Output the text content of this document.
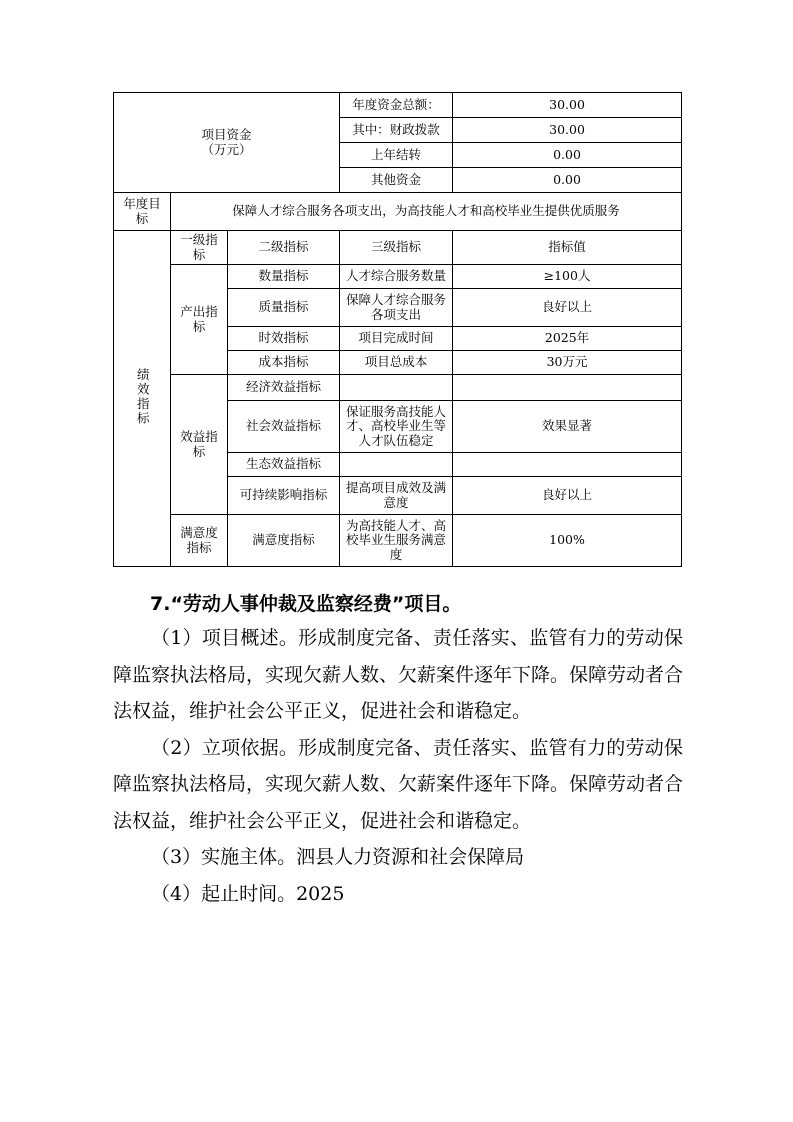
项目资金
（万元）			年度资金总额：	30.00
			其中：财政拨款	30.00
			上年结转	0.00
			其他资金	0.00
年度目标	保障人才综合服务各项支出，为高技能人才和高校毕业生提供优质服务			
绩效指标	一级指标	二级指标	三级指标	指标值
	产出指标	数量指标	人才综合服务数量	≥100人
		质量指标	保障人才综合服务各项支出	良好以上
		时效指标	项目完成时间	2025年
		成本指标	项目总成本	30万元
	效益指标	经济效益指标		
		社会效益指标	保证服务高技能人才、高校毕业生等人才队伍稳定	效果显著
		生态效益指标		
		可持续影响指标	提高项目成效及满意度	良好以上
	满意度指标	满意度指标	为高技能人才、高校毕业生服务满意度	100%
7.“劳动人事仲裁及监察经费”项目。

（1）项目概述。形成制度完备、责任落实、监管有力的劳动保障监察执法格局，实现欠薪人数、欠薪案件逐年下降。保障劳动者合法权益，维护社会公平正义，促进社会和谐稳定。

（2）立项依据。形成制度完备、责任落实、监管有力的劳动保障监察执法格局，实现欠薪人数、欠薪案件逐年下降。保障劳动者合法权益，维护社会公平正义，促进社会和谐稳定。

（3）实施主体。泗县人力资源和社会保障局

（4）起止时间。2025
